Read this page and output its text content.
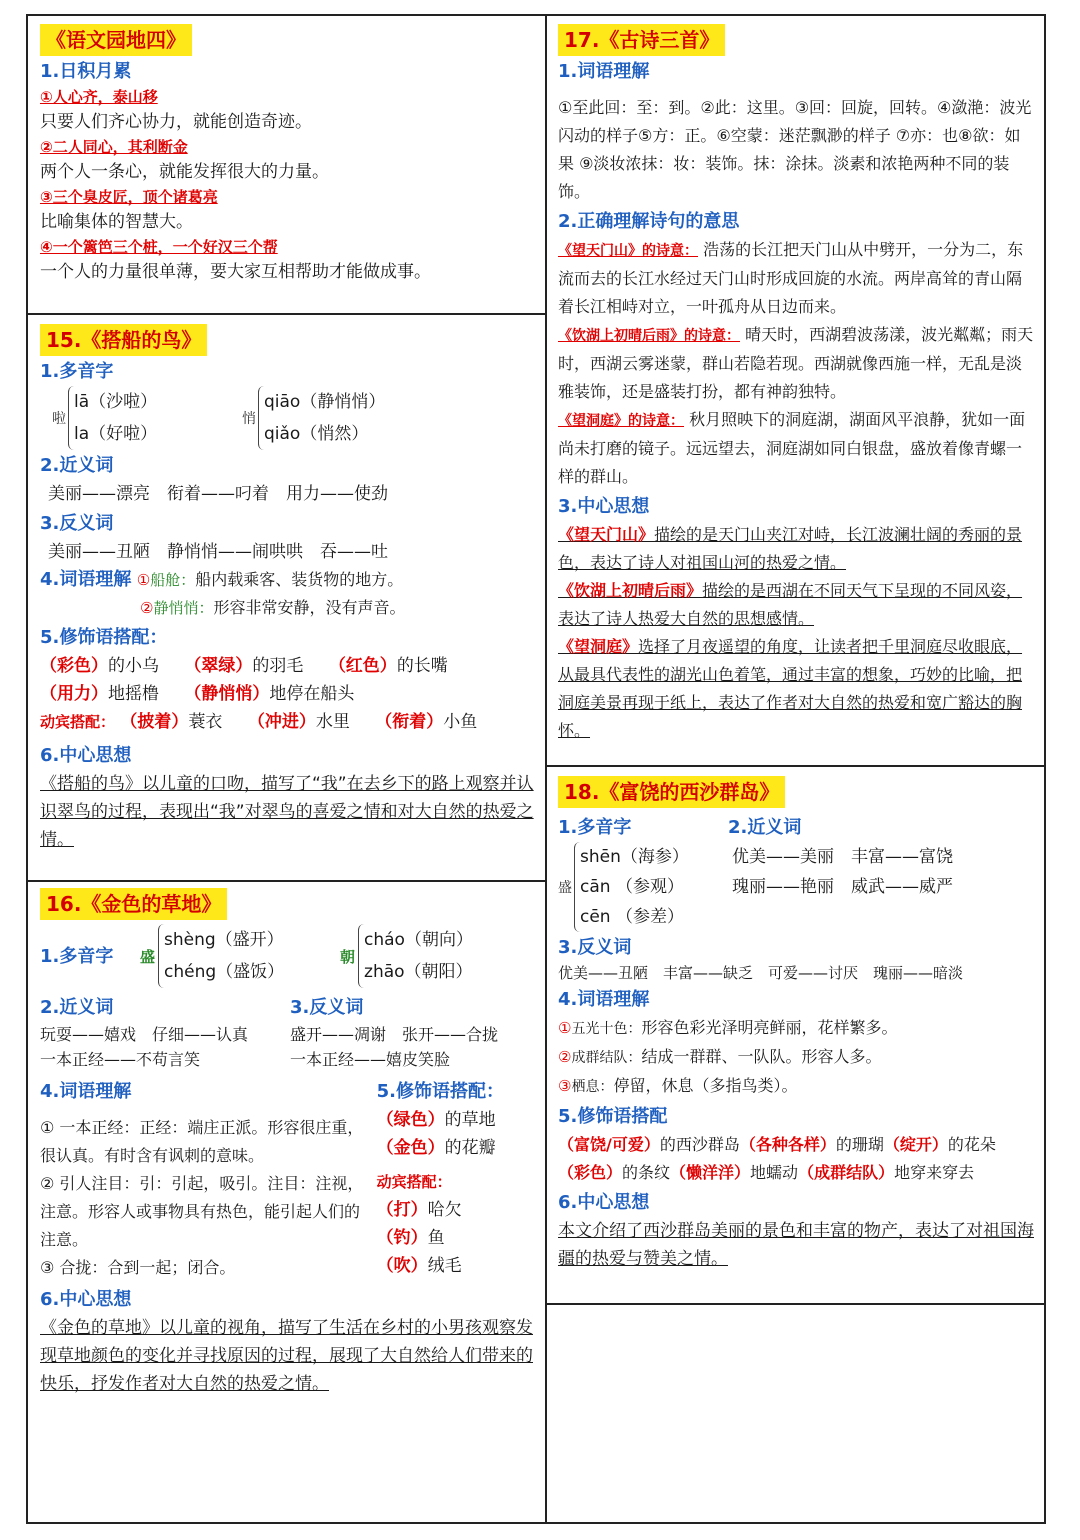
《语文园地四》
1.日积月累
①人心齐，泰山移
只要人们齐心协力，就能创造奇迹。
②二人同心，其利断金
两个人一条心，就能发挥很大的力量。
③三个臭皮匠，顶个诸葛亮
比喻集体的智慧大。
④一个篱笆三个桩，一个好汉三个帮
一个人的力量很单薄，要大家互相帮助才能做成事。
15.《搭船的鸟》
1.多音字
啦
lā（沙啦）
la（好啦）
悄
qiāo（静悄悄）
qiǎo（悄然）
2.近义词
美丽——漂亮　衔着——叼着　用力——使劲
3.反义词
美丽——丑陋　静悄悄——闹哄哄　吞——吐
4.词语理解 ①船舱：船内载乘客、装货物的地方。
②静悄悄：形容非常安静，没有声音。
5.修饰语搭配：
（彩色）的小乌 （翠绿）的羽毛 （红色）的长嘴
（用力）地摇橹 （静悄悄）地停在船头
动宾搭配： （披着）蓑衣 （冲进）水里 （衔着）小鱼
6.中心思想
《搭船的鸟》以儿童的口吻，描写了“我”在去乡下的路上观察并认识翠鸟的过程，表现出“我”对翠鸟的喜爱之情和对大自然的热爱之情。
16.《金色的草地》
1.多音字	盛
shèng（盛开）
chéng（盛饭）
朝
cháo（朝向）
zhāo（朝阳）
2.近义词
玩耍——嬉戏　仔细——认真
一本正经——不苟言笑
3.反义词
盛开——凋谢　张开——合拢
一本正经——嬉皮笑脸
4.词语理解
① 一本正经：正经：端庄正派。形容很庄重，很认真。有时含有讽刺的意味。
② 引人注目：引：引起，吸引。注目：注视，注意。形容人或事物具有热色，能引起人们的注意。
③ 合拢：合到一起；闭合。
5.修饰语搭配：
（绿色）的草地
（金色）的花瓣
动宾搭配：
（打）哈欠
（钓）鱼
（吹）绒毛
6.中心思想
《金色的草地》以儿童的视角，描写了生活在乡村的小男孩观察发现草地颜色的变化并寻找原因的过程，展现了大自然给人们带来的快乐，抒发作者对大自然的热爱之情。
17.《古诗三首》
1.词语理解
①至此回：至：到。②此：这里。③回：回旋，回转。④潋滟：波光闪动的样子⑤方：正。⑥空蒙：迷茫飘渺的样子 ⑦亦：也⑧欲：如果 ⑨淡妆浓抹：妆：装饰。抹：涂抹。淡素和浓艳两种不同的装饰。
2.正确理解诗句的意思
《望天门山》的诗意： 浩荡的长江把天门山从中劈开，一分为二，东流而去的长江水经过天门山时形成回旋的水流。两岸高耸的青山隔着长江相峙对立，一叶孤舟从日边而来。
《饮湖上初晴后雨》的诗意： 晴天时，西湖碧波荡漾，波光粼粼；雨天时，西湖云雾迷蒙，群山若隐若现。西湖就像西施一样，无乱是淡雅装饰，还是盛装打扮，都有神韵独特。
《望洞庭》的诗意： 秋月照映下的洞庭湖，湖面风平浪静，犹如一面尚未打磨的镜子。远远望去，洞庭湖如同白银盘，盛放着像青螺一样的群山。
3.中心思想
《望天门山》描绘的是天门山夹江对峙，长江波澜壮阔的秀丽的景色，表达了诗人对祖国山河的热爱之情。
《饮湖上初晴后雨》描绘的是西湖在不同天气下呈现的不同风姿，表达了诗人热爱大自然的思想感情。
《望洞庭》选择了月夜遥望的角度，让读者把千里洞庭尽收眼底，从最具代表性的湖光山色着笔，通过丰富的想象，巧妙的比喻，把洞庭美景再现于纸上，表达了作者对大自然的热爱和宽广豁达的胸怀。
18.《富饶的西沙群岛》
1.多音字
盛
shēn（海参）
cān （参观）
cēn （参差）
2.近义词
优美——美丽　丰富——富饶
瑰丽——艳丽　威武——威严
3.反义词
优美——丑陋　丰富——缺乏　可爱——讨厌　瑰丽——暗淡
4.词语理解
①五光十色：形容色彩光泽明亮鲜丽，花样繁多。
②成群结队：结成一群群、一队队。形容人多。
③栖息：停留，休息（多指鸟类）。
5.修饰语搭配
（富饶/可爱）的西沙群岛（各种各样）的珊瑚（绽开）的花朵
（彩色）的条纹（懒洋洋）地蠕动（成群结队）地穿来穿去
6.中心思想
本文介绍了西沙群岛美丽的景色和丰富的物产，表达了对祖国海疆的热爱与赞美之情。
